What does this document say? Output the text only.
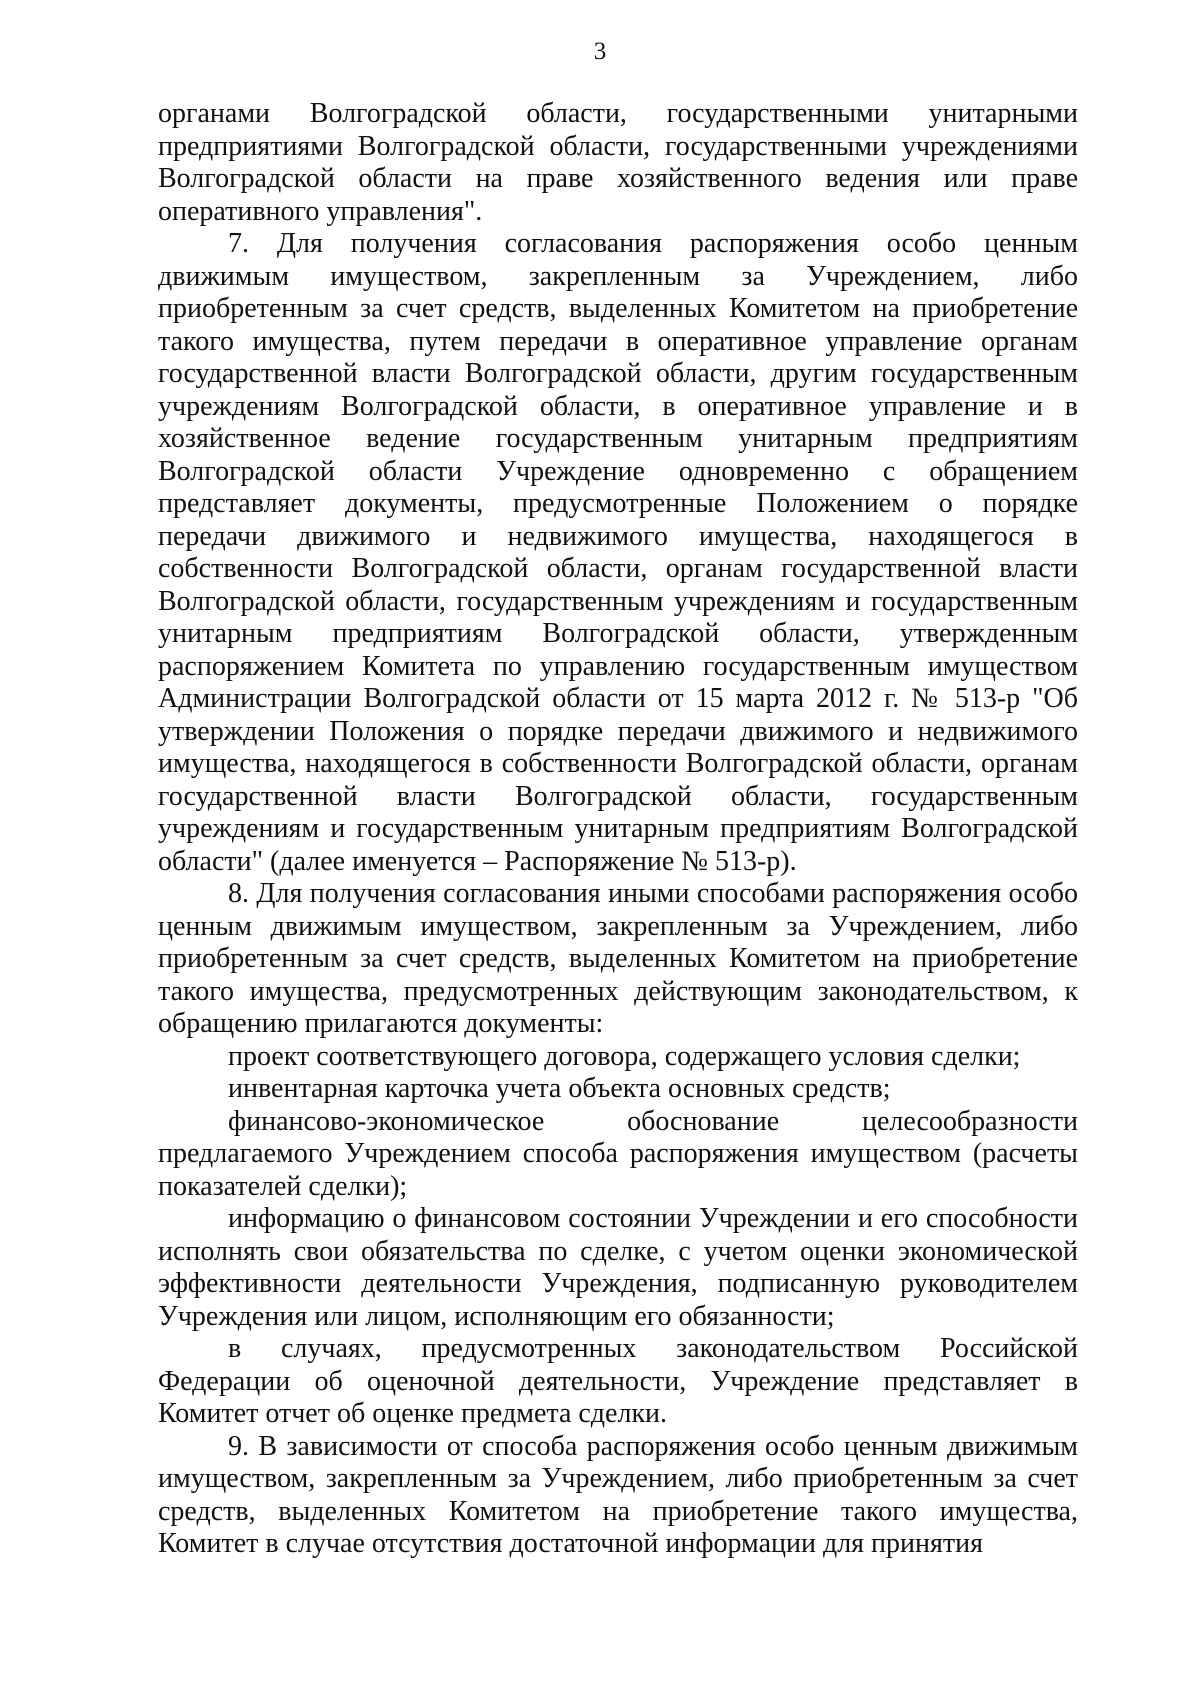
3

органами Волгоградской области, государственными унитарными предприятиями Волгоградской области, государственными учреждениями Волгоградской области на праве хозяйственного ведения или праве оперативного управления".

7. Для получения согласования распоряжения особо ценным движимым имуществом, закрепленным за Учреждением, либо приобретенным за счет средств, выделенных Комитетом на приобретение такого имущества, путем передачи в оперативное управление органам государственной власти Волгоградской области, другим государственным учреждениям Волгоградской области, в оперативное управление и в хозяйственное ведение государственным унитарным предприятиям Волгоградской области Учреждение одновременно с обращением представляет документы, предусмотренные Положением о порядке передачи движимого и недвижимого имущества, находящегося в собственности Волгоградской области, органам государственной власти Волгоградской области, государственным учреждениям и государственным унитарным предприятиям Волгоградской области, утвержденным распоряжением Комитета по управлению государственным имуществом Администрации Волгоградской области от 15 марта 2012 г. № 513-р "Об утверждении Положения о порядке передачи движимого и недвижимого имущества, находящегося в собственности Волгоградской области, органам государственной власти Волгоградской области, государственным учреждениям и государственным унитарным предприятиям Волгоградской области" (далее именуется – Распоряжение № 513-р).

8. Для получения согласования иными способами распоряжения особо ценным движимым имуществом, закрепленным за Учреждением, либо приобретенным за счет средств, выделенных Комитетом на приобретение такого имущества, предусмотренных действующим законодательством, к обращению прилагаются документы:

проект соответствующего договора, содержащего условия сделки;

инвентарная карточка учета объекта основных средств;

финансово-экономическое обоснование целесообразности предлагаемого Учреждением способа распоряжения имуществом (расчеты показателей сделки);

информацию о финансовом состоянии Учреждении и его способности исполнять свои обязательства по сделке, с учетом оценки экономической эффективности деятельности Учреждения, подписанную руководителем Учреждения или лицом, исполняющим его обязанности;

в случаях, предусмотренных законодательством Российской Федерации об оценочной деятельности, Учреждение представляет в Комитет отчет об оценке предмета сделки.

9. В зависимости от способа распоряжения особо ценным движимым имуществом, закрепленным за Учреждением, либо приобретенным за счет средств, выделенных Комитетом на приобретение такого имущества, Комитет в случае отсутствия достаточной информации для принятия
